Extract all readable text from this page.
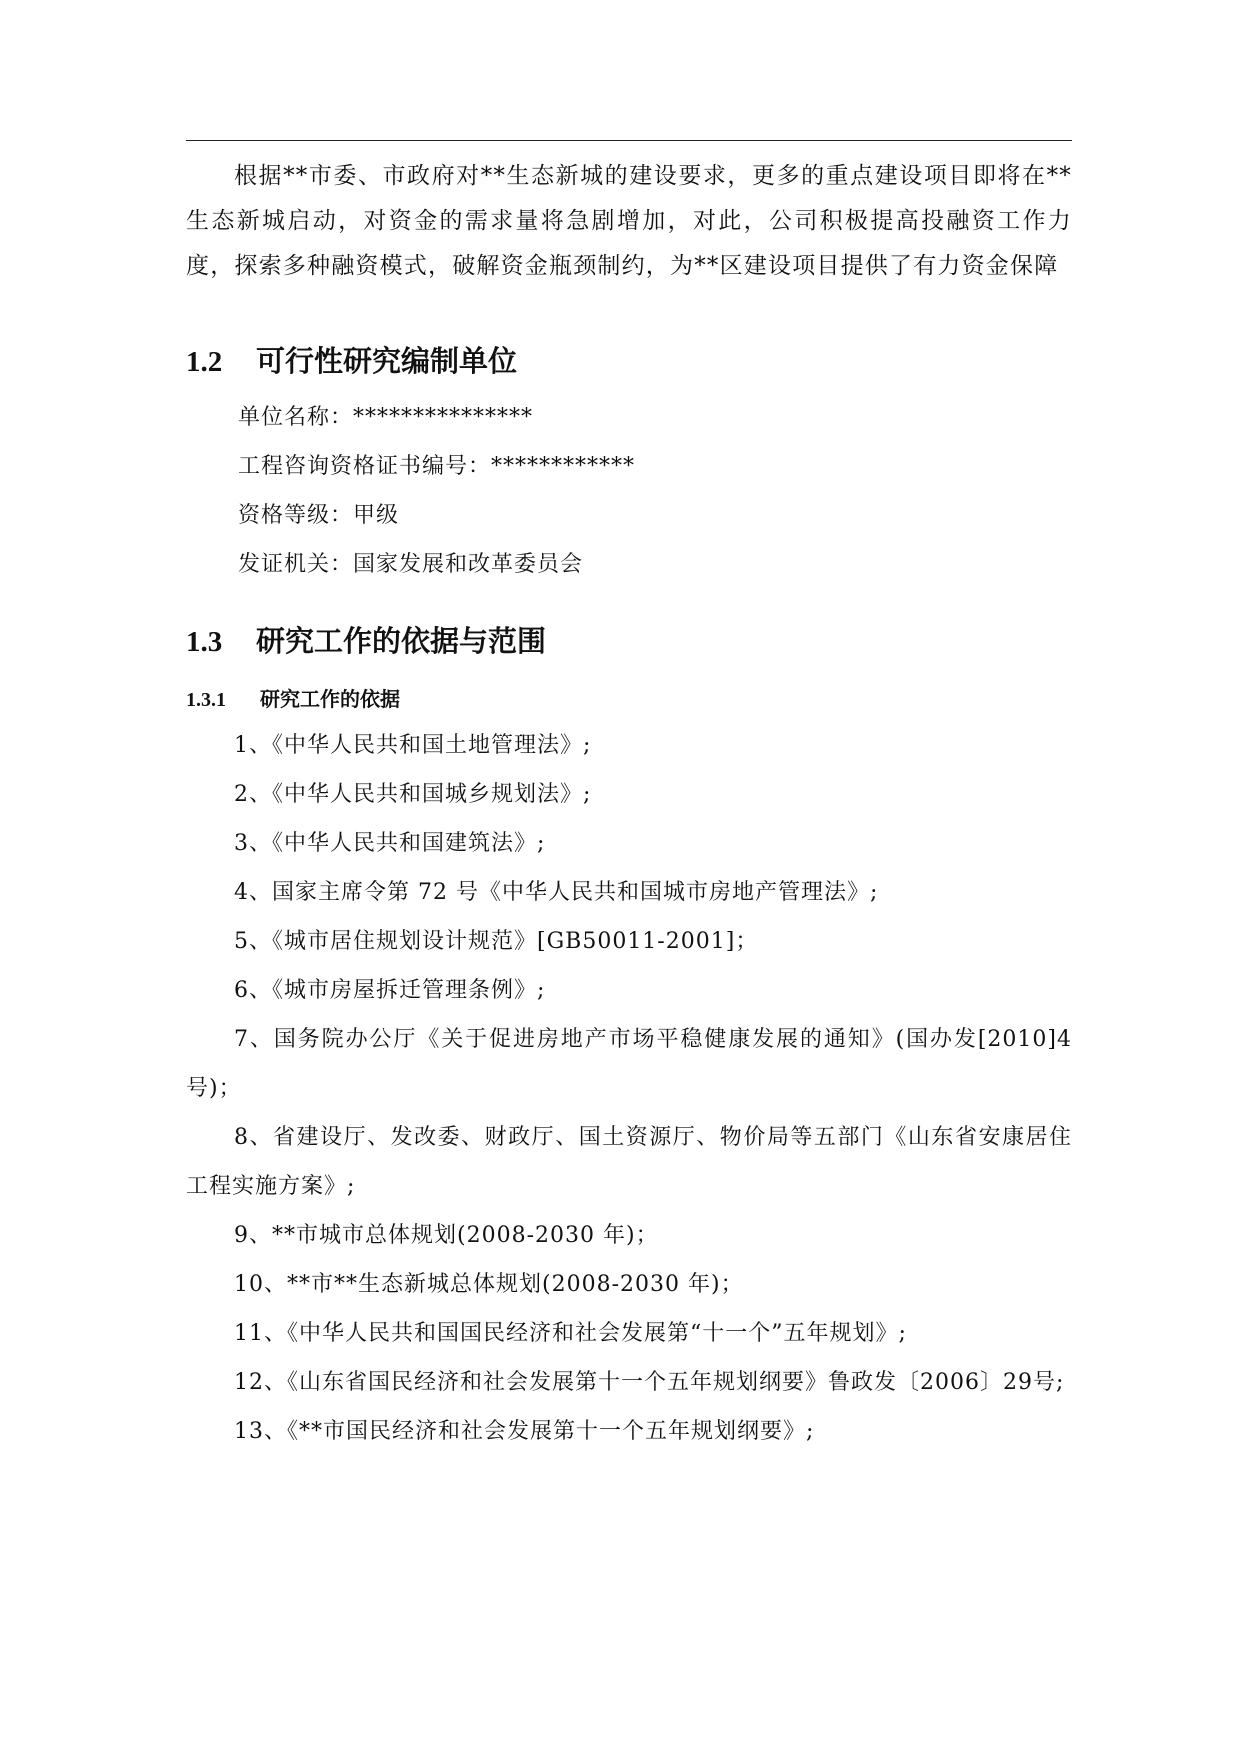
根据**市委、市政府对**生态新城的建设要求，更多的重点建设项目即将在**生态新城启动，对资金的需求量将急剧增加，对此，公司积极提高投融资工作力度，探索多种融资模式，破解资金瓶颈制约，为**区建设项目提供了有力资金保障

1.2 可行性研究编制单位

单位名称：***************

工程咨询资格证书编号：************

资格等级：甲级

发证机关：国家发展和改革委员会

1.3 研究工作的依据与范围
1.3.1 研究工作的依据

1、《中华人民共和国土地管理法》;

2、《中华人民共和国城乡规划法》;

3、《中华人民共和国建筑法》;

4、国家主席令第 72 号《中华人民共和国城市房地产管理法》;

5、《城市居住规划设计规范》[GB50011-2001]；

6、《城市房屋拆迁管理条例》;

7、国务院办公厅《关于促进房地产市场平稳健康发展的通知》(国办发[2010]4号)；

8、省建设厅、发改委、财政厅、国土资源厅、物价局等五部门《山东省安康居住工程实施方案》;

9、**市城市总体规划(2008-2030 年)；

10、**市**生态新城总体规划(2008-2030 年)；

11、《中华人民共和国国民经济和社会发展第“十一个”五年规划》;

12、《山东省国民经济和社会发展第十一个五年规划纲要》鲁政发〔2006〕29号;

13、《**市国民经济和社会发展第十一个五年规划纲要》;
